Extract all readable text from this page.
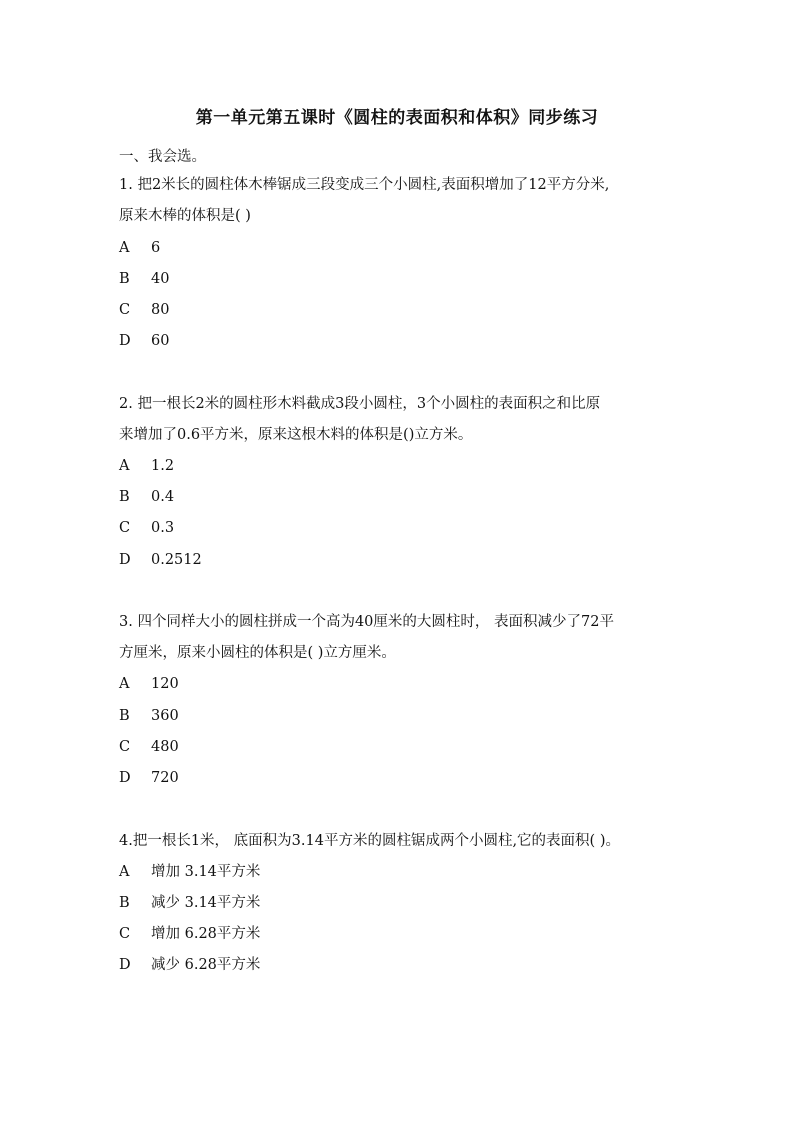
第一单元第五课时《圆柱的表面积和体积》同步练习
一、我会选。
1. 把2米长的圆柱体木棒锯成三段变成三个小圆柱,表面积增加了12平方分米,
原来木棒的体积是( )
A 6
B 40
C 80
D 60
2. 把一根长2米的圆柱形木料截成3段小圆柱，3个小圆柱的表面积之和比原
来增加了0.6平方米，原来这根木料的体积是()立方米。
A 1.2
B 0.4
C 0.3
D 0.2512
3. 四个同样大小的圆柱拼成一个高为40厘米的大圆柱时， 表面积减少了72平
方厘米，原来小圆柱的体积是( )立方厘米。
A 120
B 360
C 480
D 720
4.把一根长1米， 底面积为3.14平方米的圆柱锯成两个小圆柱,它的表面积( )。
A 增加 3.14平方米
B 减少 3.14平方米
C 增加 6.28平方米
D 减少 6.28平方米
